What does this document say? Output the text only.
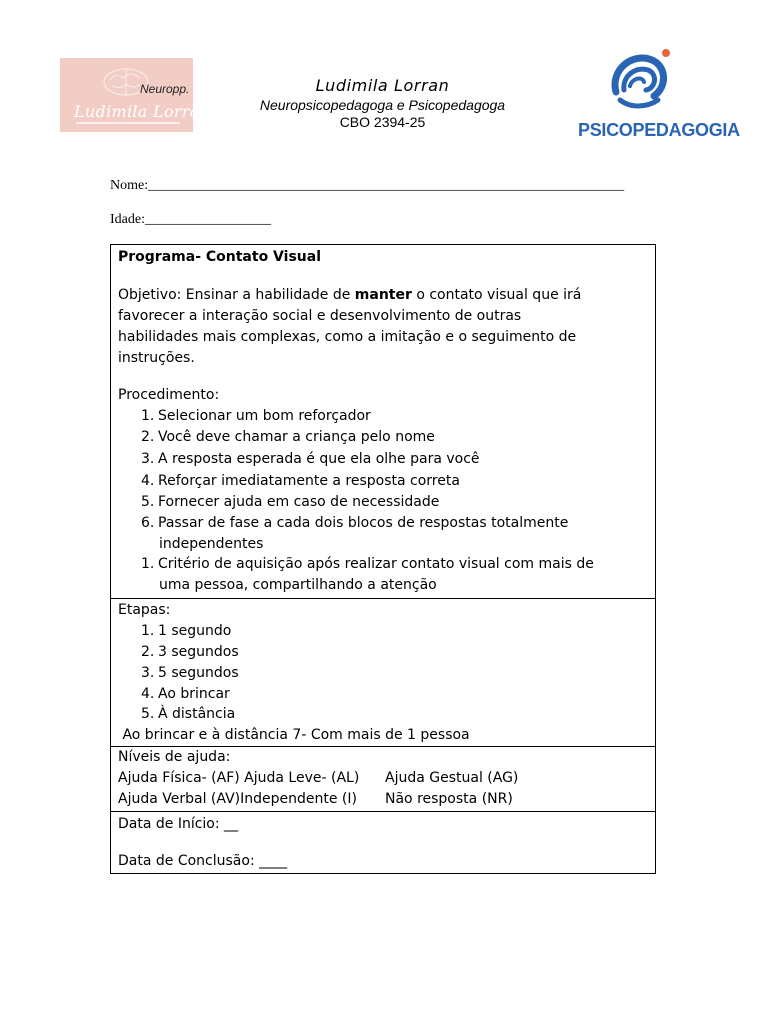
Neuropp.
Ludimila Lorran
Ludimila Lorran
Neuropsicopedagoga e Psicopedagoga
CBO 2394-25	PSICOPEDAGOGIA
Nome:____________________________________________________________________
Idade:__________________
Programa- Contato Visual
Objetivo: Ensinar a habilidade de manter o contato visual que irá
favorecer a interação social e desenvolvimento de outras
habilidades mais complexas, como a imitação e o seguimento de
instruções.
Procedimento:
1. Selecionar um bom reforçador
2. Você deve chamar a criança pelo nome
3. A resposta esperada é que ela olhe para você
4. Reforçar imediatamente a resposta correta
5. Fornecer ajuda em caso de necessidade
6. Passar de fase a cada dois blocos de respostas totalmente
independentes
1. Critério de aquisição após realizar contato visual com mais de
uma pessoa, compartilhando a atenção
Etapas:
1. 1 segundo
2. 3 segundos
3. 5 segundos
4. Ao brincar
5. À distância
Ao brincar e à distância 7- Com mais de 1 pessoa
Níveis de ajuda:
Ajuda Física- (AF) Ajuda Leve- (AL) Ajuda Gestual (AG)
Ajuda Verbal (AV)Independente (I) Não resposta (NR)
Data de Início: __
Data de Conclusão: ____
